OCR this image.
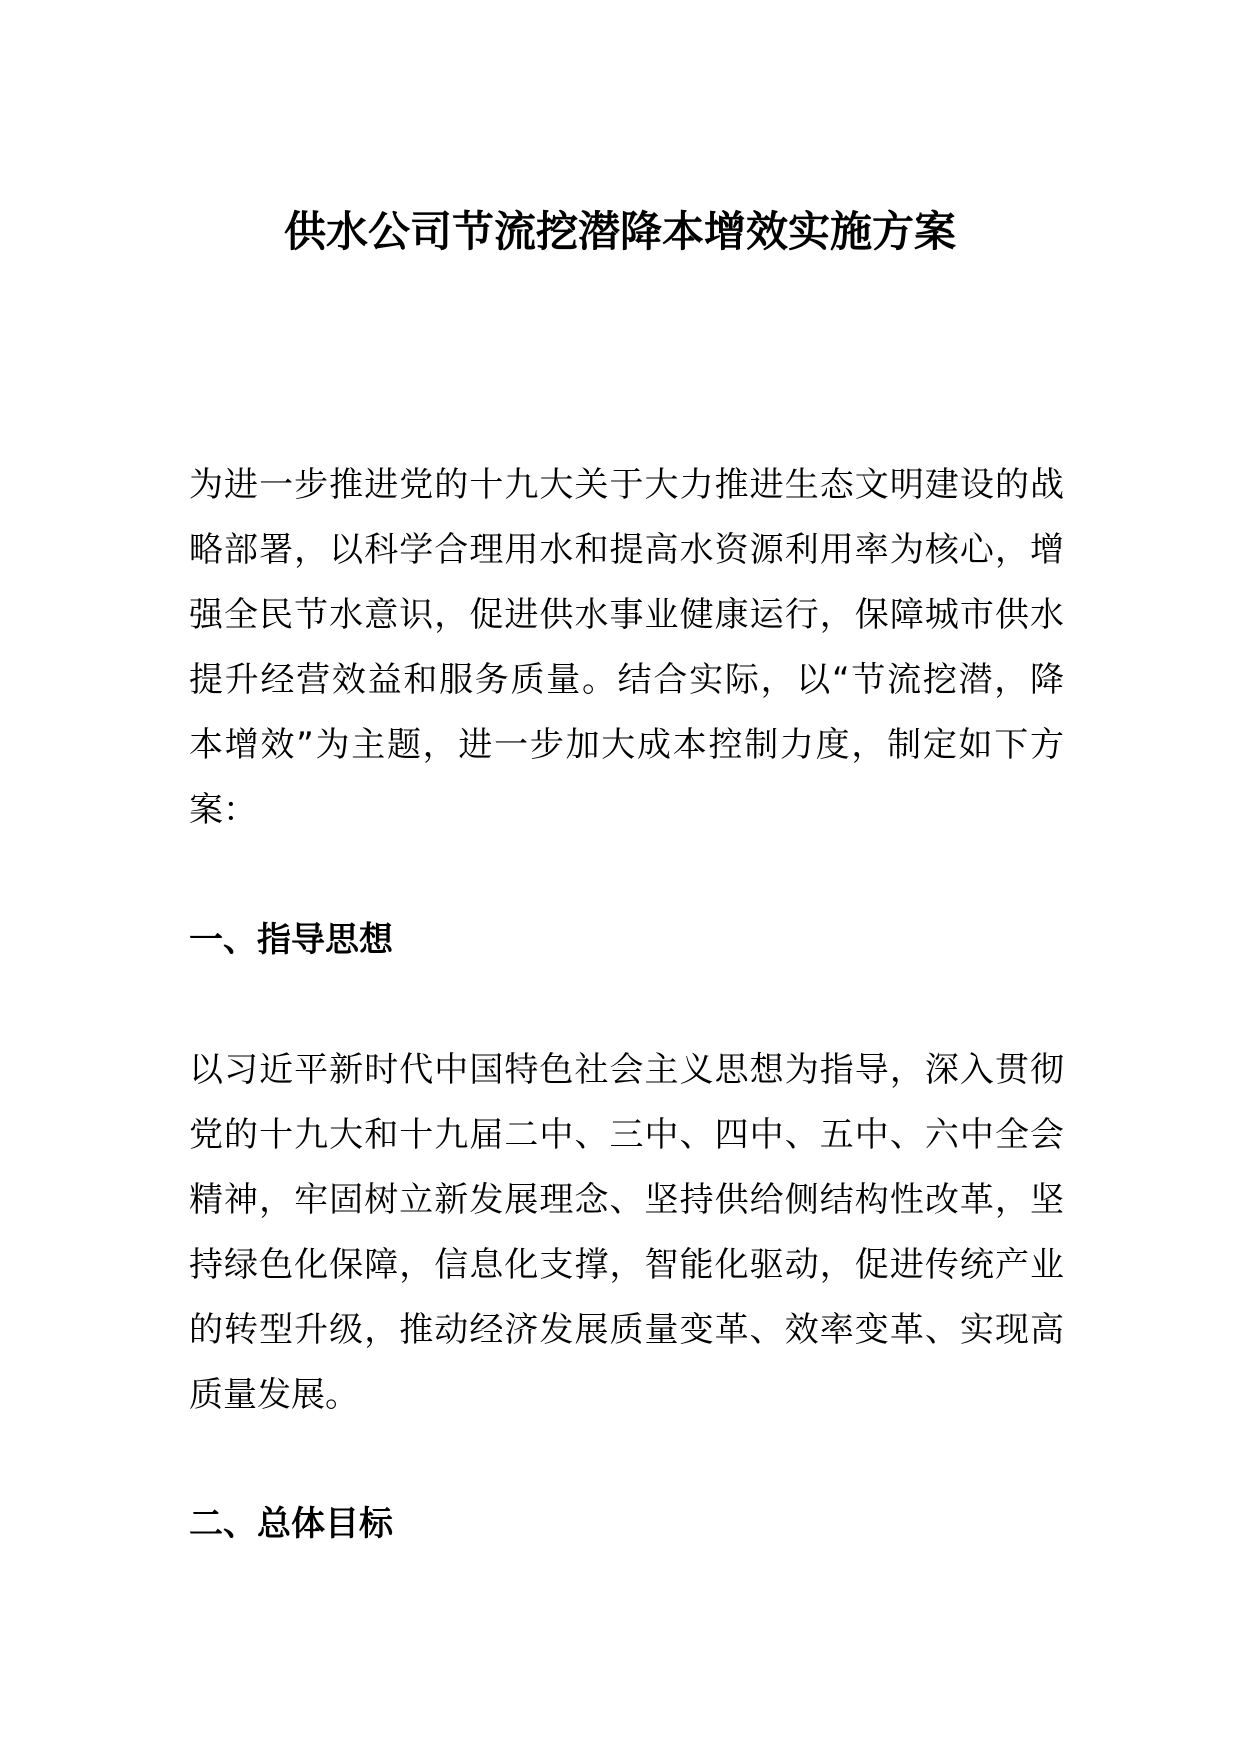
供水公司节流挖潜降本增效实施方案
为进一步推进党的十九大关于大力推进生态文明建设的战
略部署，以科学合理用水和提高水资源利用率为核心，增
强全民节水意识，促进供水事业健康运行，保障城市供水
提升经营效益和服务质量。结合实际，以“节流挖潜，降
本增效”为主题，进一步加大成本控制力度，制定如下方
案：
一、指导思想
以习近平新时代中国特色社会主义思想为指导，深入贯彻
党的十九大和十九届二中、三中、四中、五中、六中全会
精神，牢固树立新发展理念、坚持供给侧结构性改革，坚
持绿色化保障，信息化支撑，智能化驱动，促进传统产业
的转型升级，推动经济发展质量变革、效率变革、实现高
质量发展。
二、总体目标
